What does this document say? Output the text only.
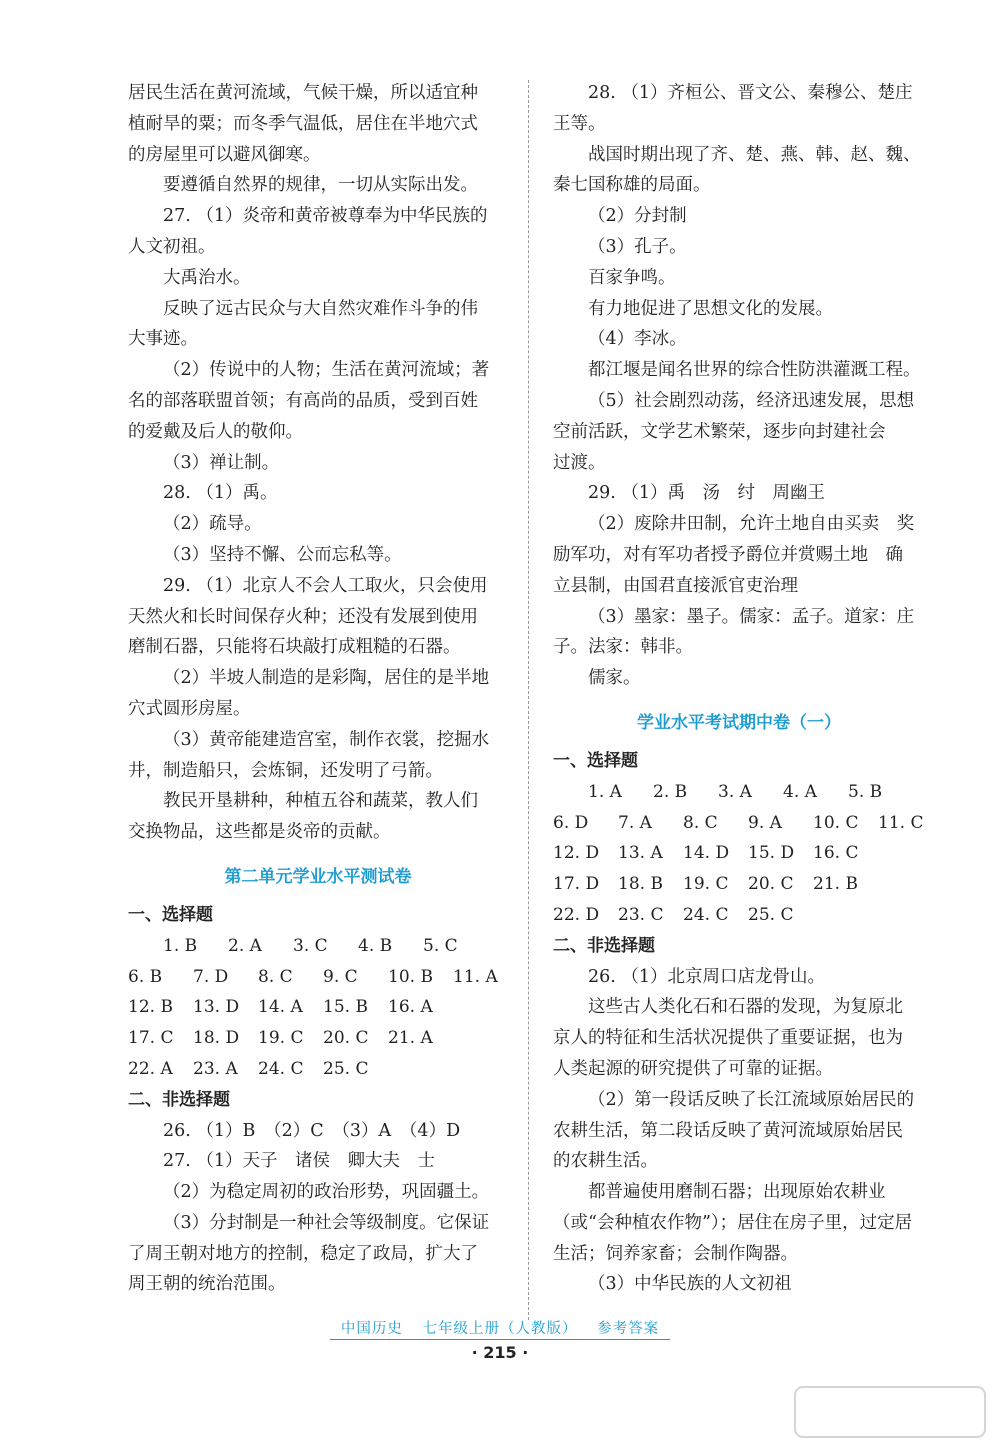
居民生活在黄河流域，气候干燥，所以适宜种
植耐旱的粟；而冬季气温低，居住在半地穴式
的房屋里可以避风御寒。
要遵循自然界的规律，一切从实际出发。
27. （1）炎帝和黄帝被尊奉为中华民族的
人文初祖。
大禹治水。
反映了远古民众与大自然灾难作斗争的伟
大事迹。
（2）传说中的人物；生活在黄河流域；著
名的部落联盟首领；有高尚的品质，受到百姓
的爱戴及后人的敬仰。
（3）禅让制。
28. （1）禹。
（2）疏导。
（3）坚持不懈、公而忘私等。
29. （1）北京人不会人工取火，只会使用
天然火和长时间保存火种；还没有发展到使用
磨制石器，只能将石块敲打成粗糙的石器。
（2）半坡人制造的是彩陶，居住的是半地
穴式圆形房屋。
（3）黄帝能建造宫室，制作衣裳，挖掘水
井，制造船只，会炼铜，还发明了弓箭。
教民开垦耕种，种植五谷和蔬菜，教人们
交换物品，这些都是炎帝的贡献。
第二单元学业水平测试卷
一、选择题
1. B	2. A	3. C	4. B	5. C
6. B	7. D	8. C	9. C	10. B	11. A
12. B	13. D	14. A	15. B	16. A
17. C	18. D	19. C	20. C	21. A
22. A	23. A	24. C	25. C
二、非选择题
26. （1）B　（2）C　（3）A　（4）D
27. （1）天子　诸侯　卿大夫　士
（2）为稳定周初的政治形势，巩固疆土。
（3）分封制是一种社会等级制度。它保证
了周王朝对地方的控制，稳定了政局，扩大了
周王朝的统治范围。
28. （1）齐桓公、晋文公、秦穆公、楚庄
王等。
战国时期出现了齐、楚、燕、韩、赵、魏、
秦七国称雄的局面。
（2）分封制
（3）孔子。
百家争鸣。
有力地促进了思想文化的发展。
（4）李冰。
都江堰是闻名世界的综合性防洪灌溉工程。
（5）社会剧烈动荡，经济迅速发展，思想
空前活跃，文学艺术繁荣，逐步向封建社会
过渡。
29. （1）禹　汤　纣　周幽王
（2）废除井田制，允许土地自由买卖　奖
励军功，对有军功者授予爵位并赏赐土地　确
立县制，由国君直接派官吏治理
（3）墨家：墨子。儒家：孟子。道家：庄
子。法家：韩非。
儒家。
学业水平考试期中卷（一）
一、选择题
1. A	2. B	3. A	4. A	5. B
6. D	7. A	8. C	9. A	10. C	11. C
12. D	13. A	14. D	15. D	16. C
17. D	18. B	19. C	20. C	21. B
22. D	23. C	24. C	25. C
二、非选择题
26. （1）北京周口店龙骨山。
这些古人类化石和石器的发现，为复原北
京人的特征和生活状况提供了重要证据，也为
人类起源的研究提供了可靠的证据。
（2）第一段话反映了长江流域原始居民的
农耕生活，第二段话反映了黄河流域原始居民
的农耕生活。
都普遍使用磨制石器；出现原始农耕业
（或“会种植农作物”）；居住在房子里，过定居
生活；饲养家畜；会制作陶器。
（3）中华民族的人文初祖
中国历史 七年级上册（人教版） 参考答案
· 215 ·
